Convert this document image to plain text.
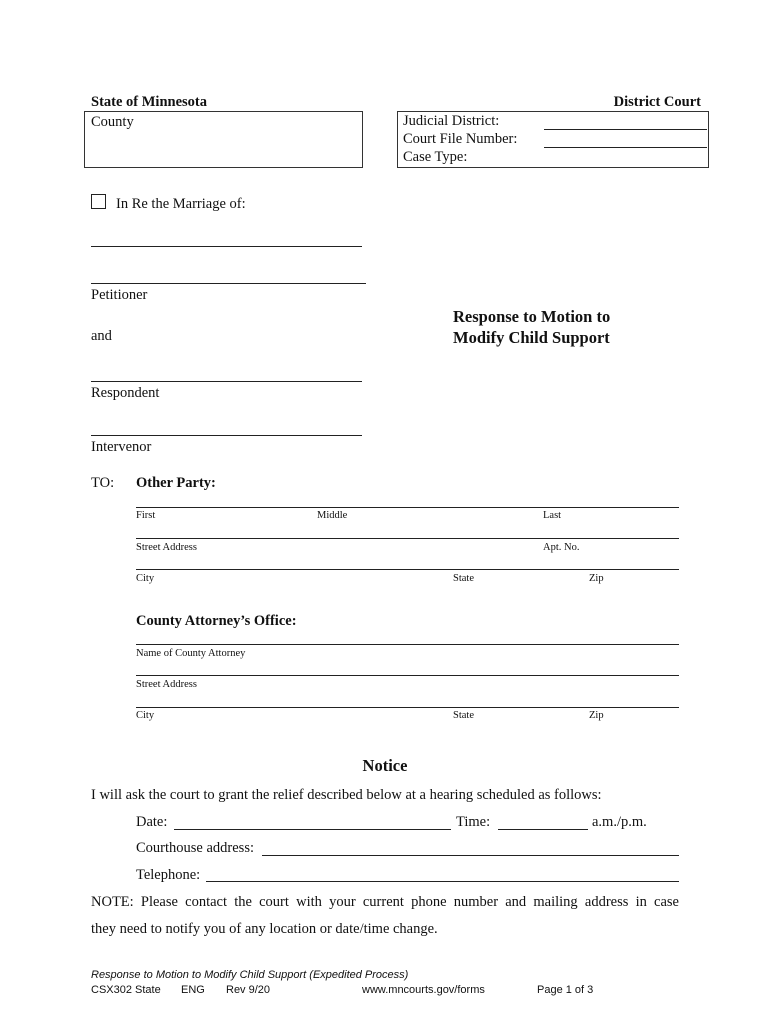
State of Minnesota	District Court
County	Judicial District:
Court File Number:
Case Type:
In Re the Marriage of:
Petitioner
Response to Motion to
Modify Child Support
and
Respondent
Intervenor
TO: Other Party:
First	Middle	Last
Street Address	Apt. No.
City	State	Zip
County Attorney’s Office:
Name of County Attorney
Street Address
City	State	Zip
Notice
I will ask the court to grant the relief described below at a hearing scheduled as follows:
Date:	Time:	a.m./p.m.
Courthouse address:
Telephone:
NOTE: Please contact the court with your current phone number and mailing address in case
they need to notify you of any location or date/time change.
Response to Motion to Modify Child Support (Expedited Process)
CSX302 State ENG Rev 9/20	www.mncourts.gov/forms	Page 1 of 3
